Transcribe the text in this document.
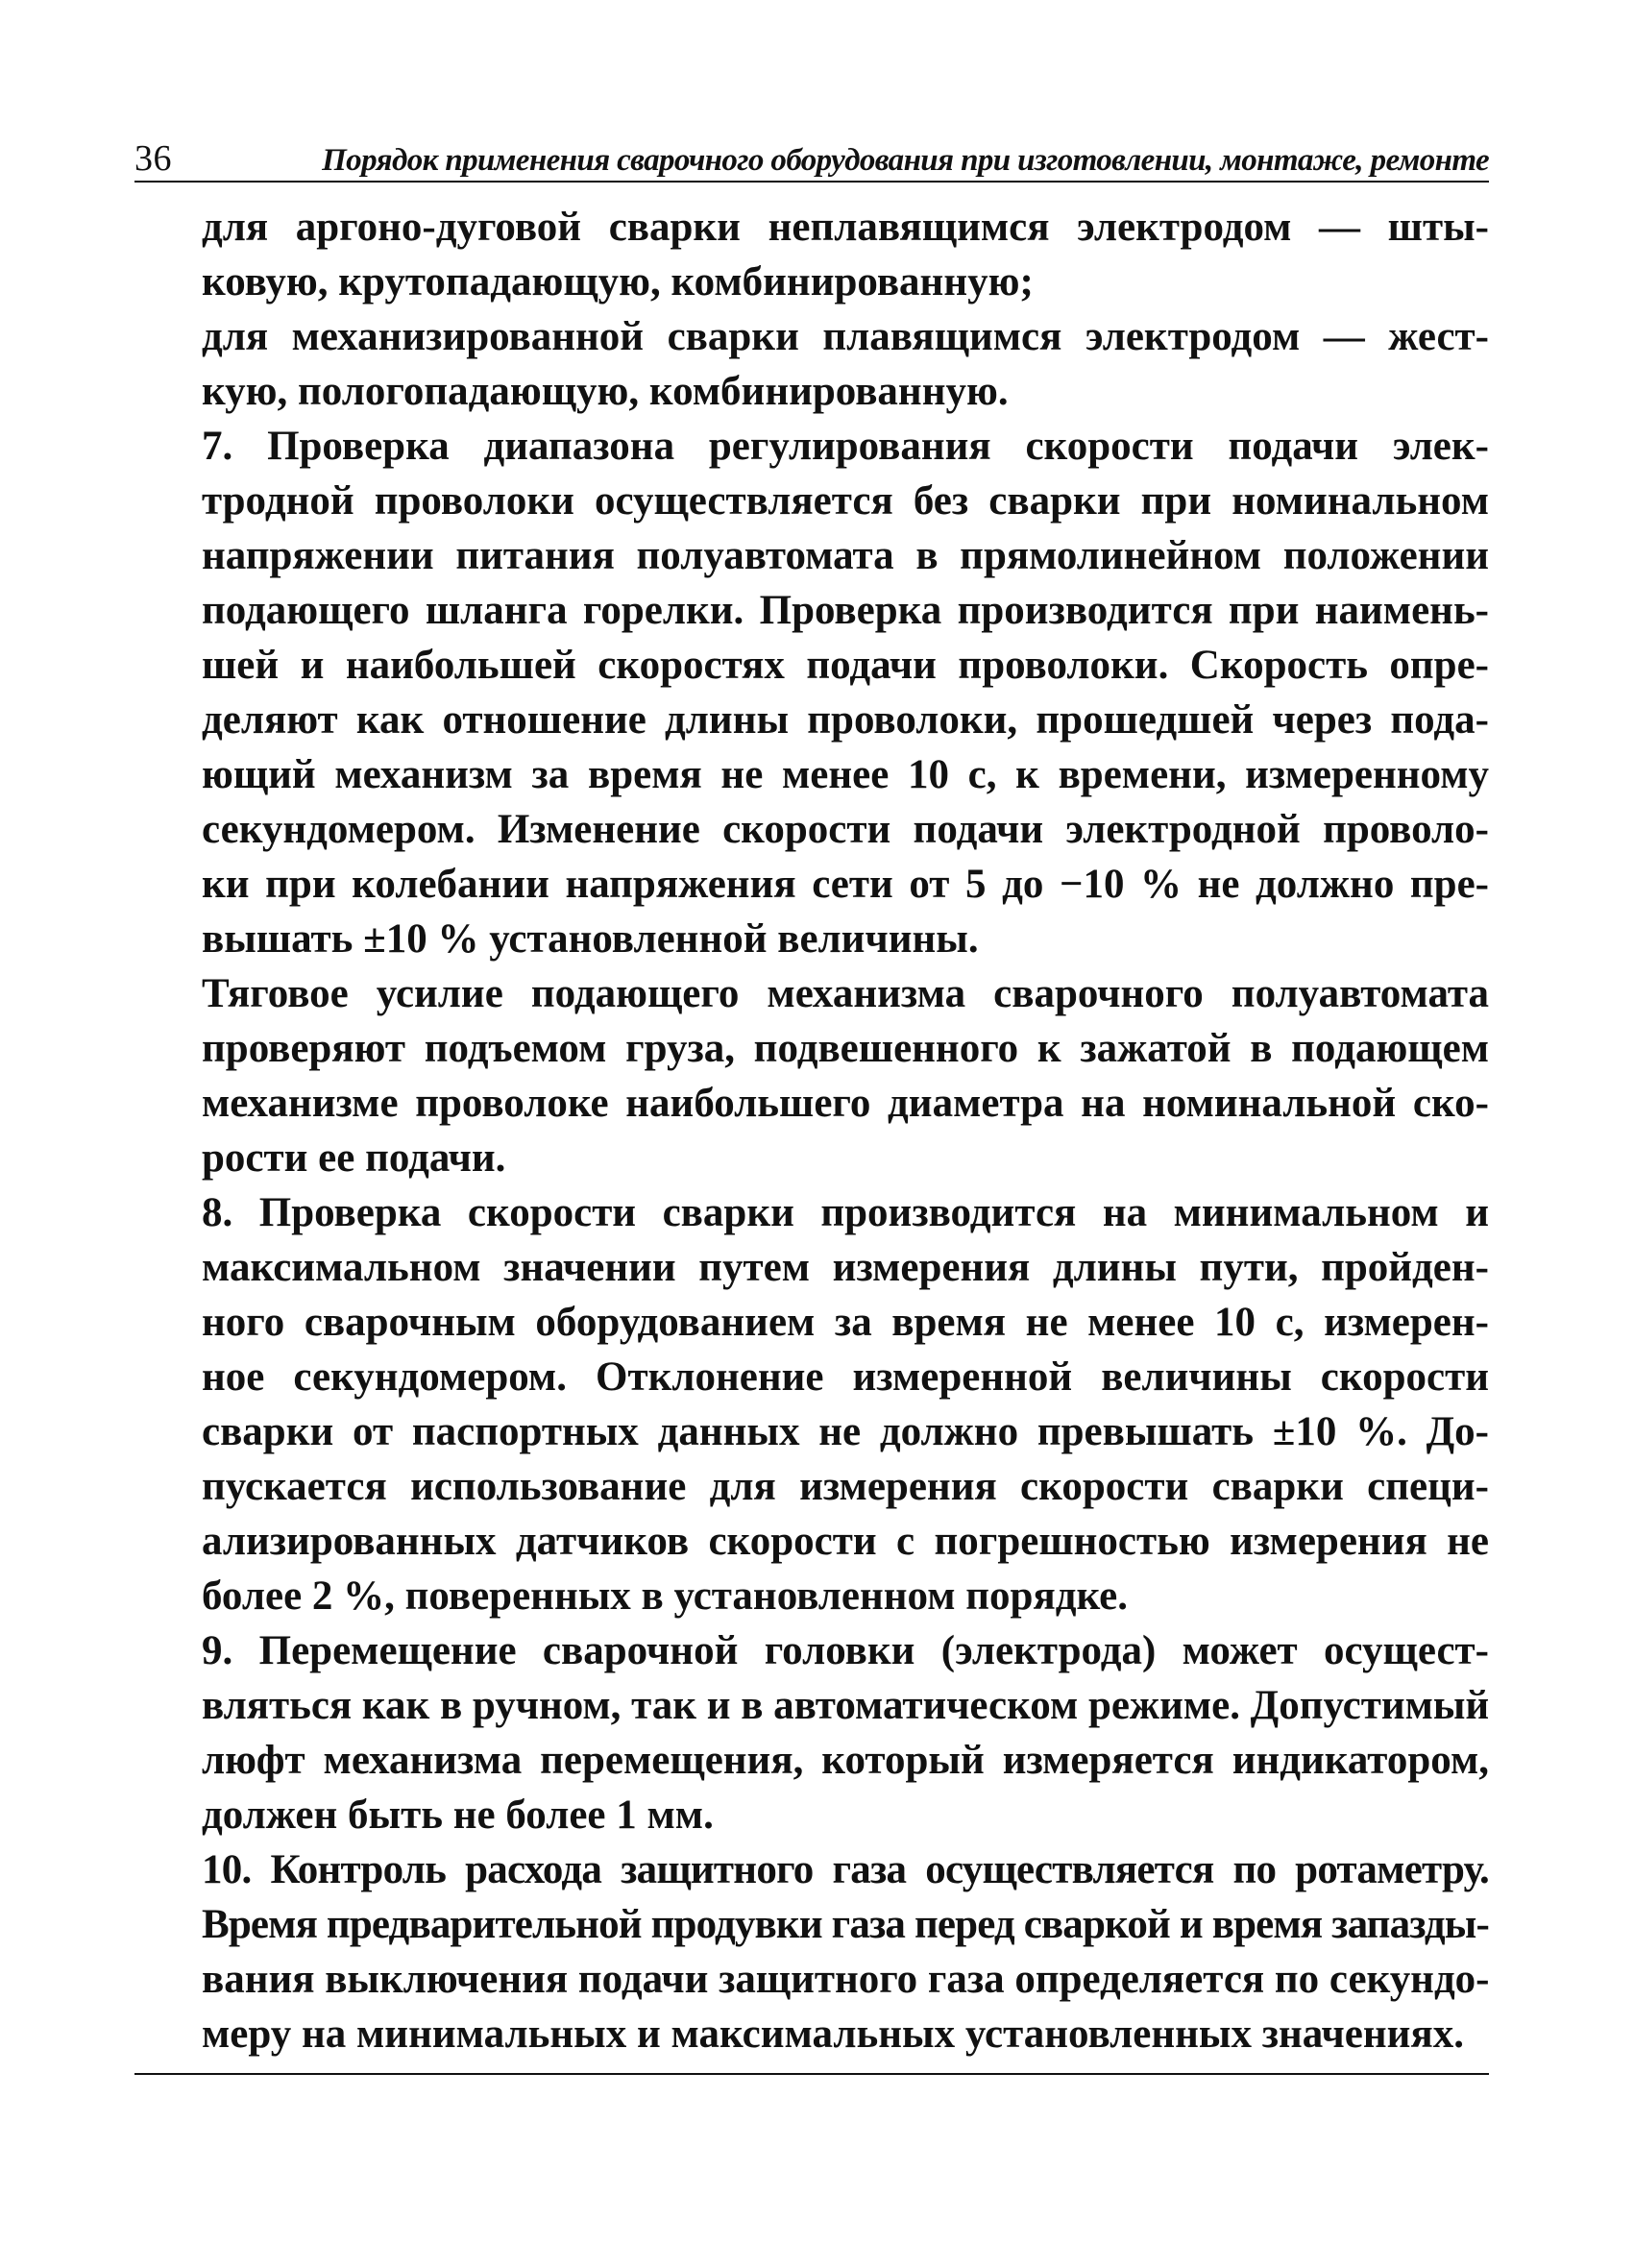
36	Порядок применения сварочного оборудования при изготовлении, монтаже, ремонте

для аргоно-дуговой сварки неплавящимся электродом — шты-
ковую, крутопадающую, комбинированную;

для механизированной сварки плавящимся электродом — жест-
кую, пологопадающую, комбинированную.

7. Проверка диапазона регулирования скорости подачи элек-
тродной проволоки осуществляется без сварки при номинальном
напряжении питания полуавтомата в прямолинейном положении
подающего шланга горелки. Проверка производится при наимень-
шей и наибольшей скоростях подачи проволоки. Скорость опре-
деляют как отношение длины проволоки, прошедшей через пода-
ющий механизм за время не менее 10 с, к времени, измеренному
секундомером. Изменение скорости подачи электродной проволо-
ки при колебании напряжения сети от 5 до −10 % не должно пре-
вышать ±10 % установленной величины.

Тяговое усилие подающего механизма сварочного полуавтомата
проверяют подъемом груза, подвешенного к зажатой в подающем
механизме проволоке наибольшего диаметра на номинальной ско-
рости ее подачи.

8. Проверка скорости сварки производится на минимальном и
максимальном значении путем измерения длины пути, пройден-
ного сварочным оборудованием за время не менее 10 с, измерен-
ное секундомером. Отклонение измеренной величины скорости
сварки от паспортных данных не должно превышать ±10 %. До-
пускается использование для измерения скорости сварки специ-
ализированных датчиков скорости с погрешностью измерения не
более 2 %, поверенных в установленном порядке.

9. Перемещение сварочной головки (электрода) может осущест-
вляться как в ручном, так и в автоматическом режиме. Допустимый
люфт механизма перемещения, который измеряется индикатором,
должен быть не более 1 мм.

10. Контроль расхода защитного газа осуществляется по ротаметру.
Время предварительной продувки газа перед сваркой и время запазды-
вания выключения подачи защитного газа определяется по секундо-
меру на минимальных и максимальных установленных значениях.
